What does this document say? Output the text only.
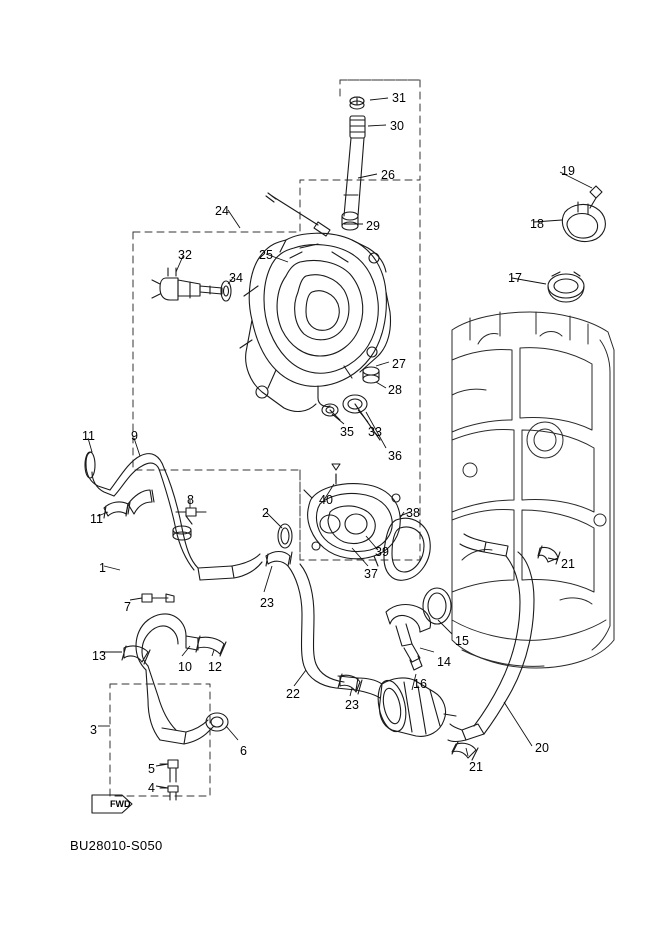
31
30
26	19
18
24
29
17
25
32
34
27
28
35 33
36
11	9
11
8	40
38
2
39
37
21
1
23
7
15
13
10 12	14
16
22
23
3
6	20
21
5
4
FWD
BU28010-S050
